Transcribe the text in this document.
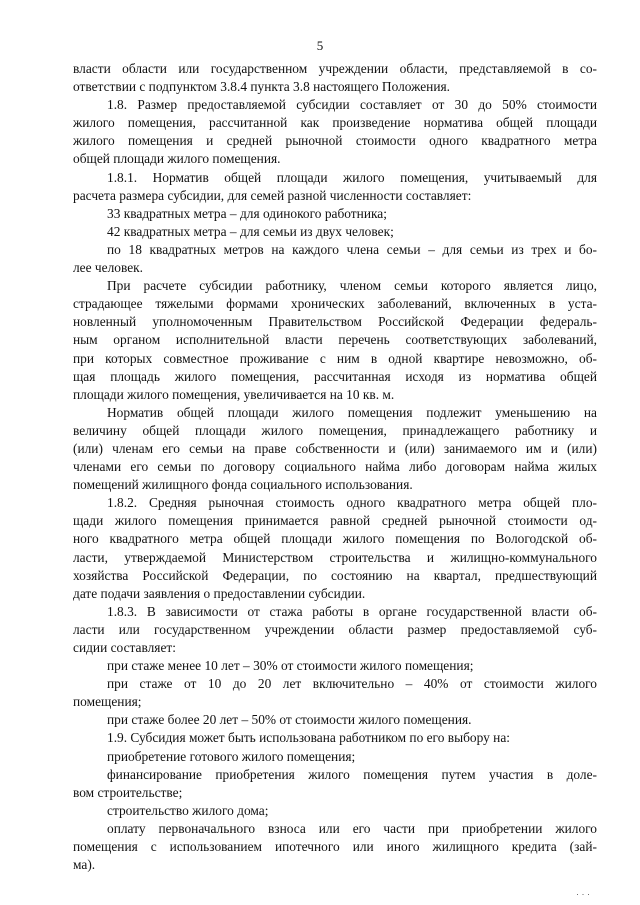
5
власти области или государственном учреждении области, представляемой в со-
ответствии с подпунктом 3.8.4 пункта 3.8 настоящего Положения.
1.8. Размер предоставляемой субсидии составляет от 30 до 50% стоимости
жилого помещения, рассчитанной как произведение норматива общей площади
жилого помещения и средней рыночной стоимости одного квадратного метра
общей площади жилого помещения.
1.8.1. Норматив общей площади жилого помещения, учитываемый для
расчета размера субсидии, для семей разной численности составляет:
33 квадратных метра – для одинокого работника;
42 квадратных метра – для семьи из двух человек;
по 18 квадратных метров на каждого члена семьи – для семьи из трех и бо-
лее человек.
При расчете субсидии работнику, членом семьи которого является лицо,
страдающее тяжелыми формами хронических заболеваний, включенных в уста-
новленный уполномоченным Правительством Российской Федерации федераль-
ным органом исполнительной власти перечень соответствующих заболеваний,
при которых совместное проживание с ним в одной квартире невозможно, об-
щая площадь жилого помещения, рассчитанная исходя из норматива общей
площади жилого помещения, увеличивается на 10 кв. м.
Норматив общей площади жилого помещения подлежит уменьшению на
величину общей площади жилого помещения, принадлежащего работнику и
(или) членам его семьи на праве собственности и (или) занимаемого им и (или)
членами его семьи по договору социального найма либо договорам найма жилых
помещений жилищного фонда социального использования.
1.8.2. Средняя рыночная стоимость одного квадратного метра общей пло-
щади жилого помещения принимается равной средней рыночной стоимости од-
ного квадратного метра общей площади жилого помещения по Вологодской об-
ласти, утверждаемой Министерством строительства и жилищно-коммунального
хозяйства Российской Федерации, по состоянию на квартал, предшествующий
дате подачи заявления о предоставлении субсидии.
1.8.3. В зависимости от стажа работы в органе государственной власти об-
ласти или государственном учреждении области размер предоставляемой суб-
сидии составляет:
при стаже менее 10 лет – 30% от стоимости жилого помещения;
при стаже от 10 до 20 лет включительно – 40% от стоимости жилого
помещения;
при стаже более 20 лет – 50% от стоимости жилого помещения.
1.9. Субсидия может быть использована работником по его выбору на:
приобретение готового жилого помещения;
финансирование приобретения жилого помещения путем участия в долe-
вом строительстве;
строительство жилого дома;
оплату первоначального взноса или его части при приобретении жилого
помещения с использованием ипотечного или иного жилищного кредита (зай-
ма).
· · ·
